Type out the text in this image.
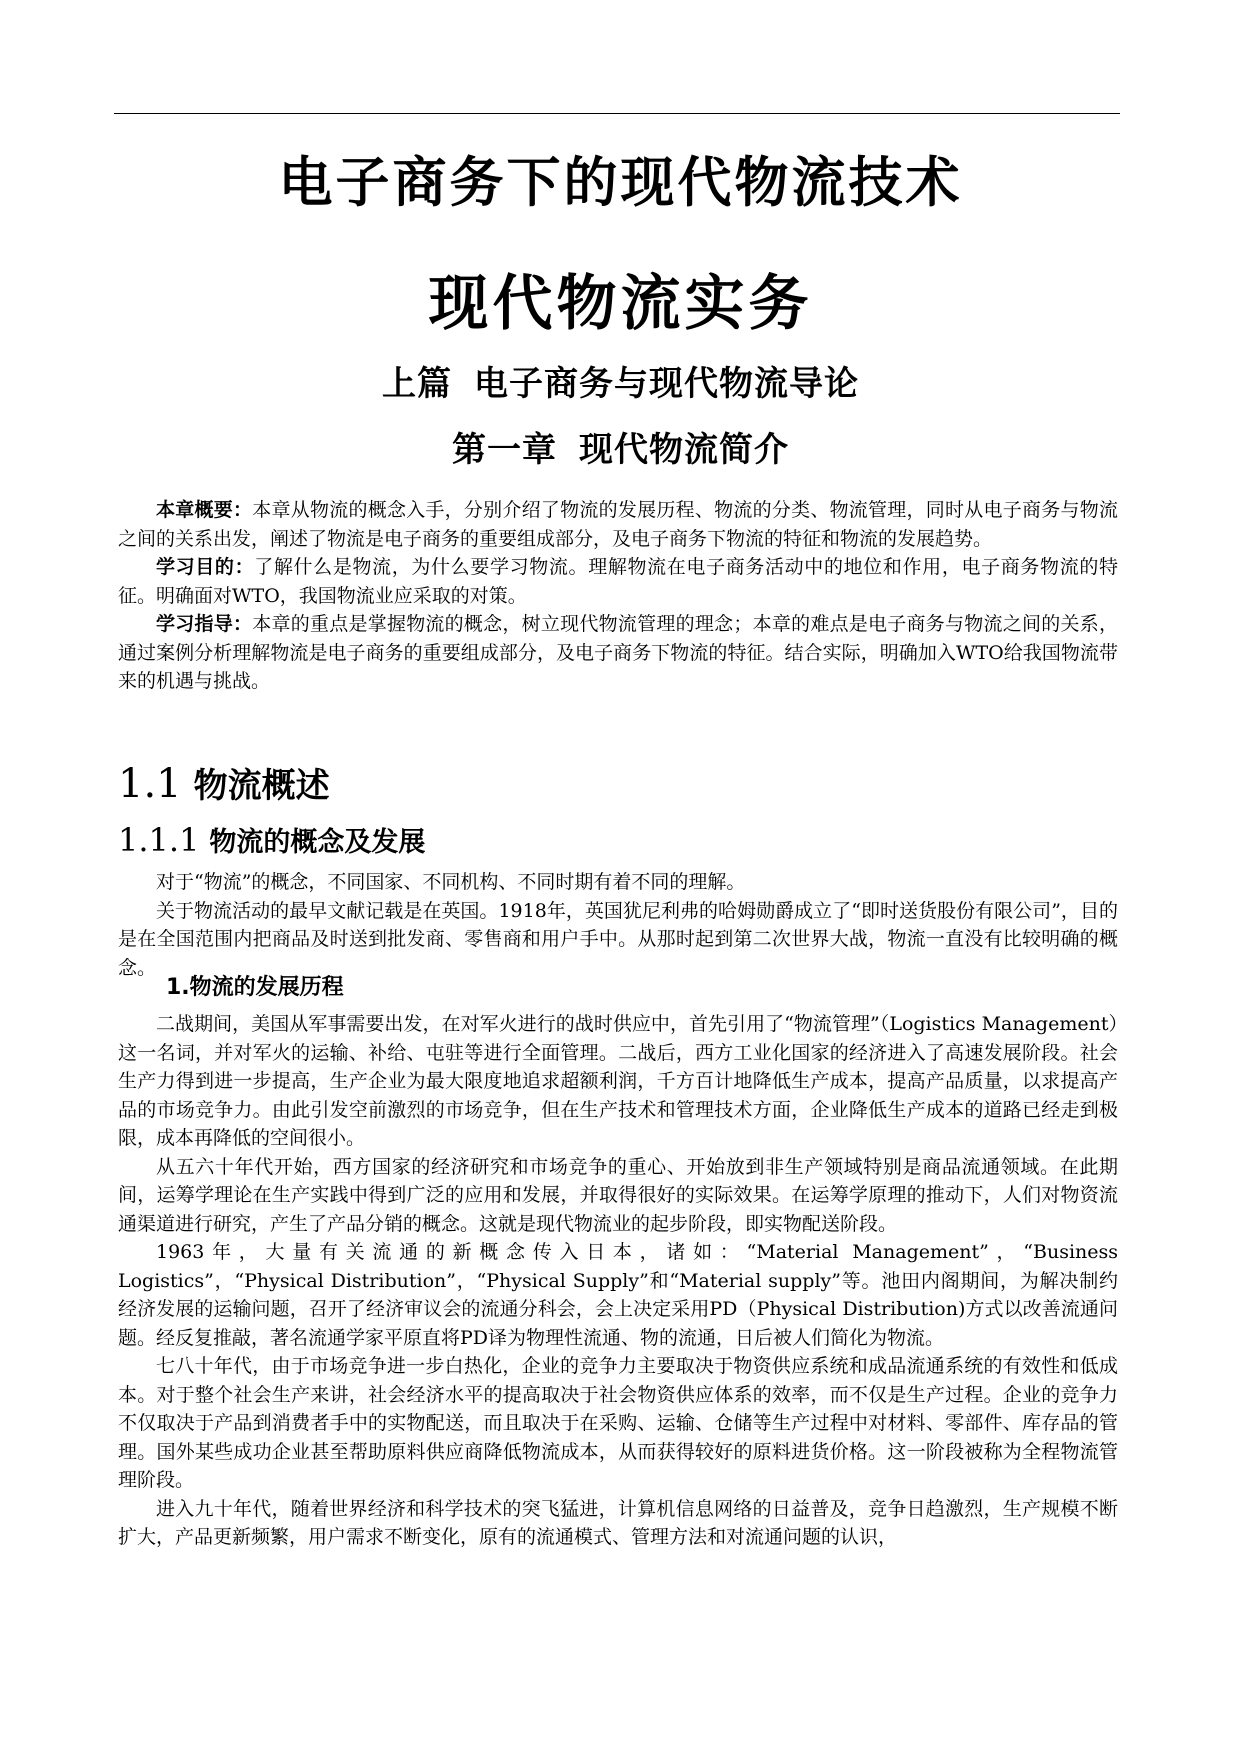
电子商务下的现代物流技术
现代物流实务
上篇 电子商务与现代物流导论
第一章 现代物流简介

本章概要：本章从物流的概念入手，分别介绍了物流的发展历程、物流的分类、物流管理，同时从电子商务与物流之间的关系出发，阐述了物流是电子商务的重要组成部分，及电子商务下物流的特征和物流的发展趋势。

学习目的：了解什么是物流，为什么要学习物流。理解物流在电子商务活动中的地位和作用，电子商务物流的特征。明确面对WTO，我国物流业应采取的对策。

学习指导：本章的重点是掌握物流的概念，树立现代物流管理的理念；本章的难点是电子商务与物流之间的关系，通过案例分析理解物流是电子商务的重要组成部分，及电子商务下物流的特征。结合实际，明确加入WTO给我国物流带来的机遇与挑战。

1.1 物流概述
1.1.1 物流的概念及发展

对于“物流”的概念，不同国家、不同机构、不同时期有着不同的理解。

关于物流活动的最早文献记载是在英国。1918年，英国犹尼利弗的哈姆勋爵成立了“即时送货股份有限公司”，目的是在全国范围内把商品及时送到批发商、零售商和用户手中。从那时起到第二次世界大战，物流一直没有比较明确的概念。

1.物流的发展历程

二战期间，美国从军事需要出发，在对军火进行的战时供应中，首先引用了“物流管理”（Logistics Management）这一名词，并对军火的运输、补给、屯驻等进行全面管理。二战后，西方工业化国家的经济进入了高速发展阶段。社会生产力得到进一步提高，生产企业为最大限度地追求超额利润，千方百计地降低生产成本，提高产品质量，以求提高产品的市场竞争力。由此引发空前激烈的市场竞争，但在生产技术和管理技术方面，企业降低生产成本的道路已经走到极限，成本再降低的空间很小。

从五六十年代开始，西方国家的经济研究和市场竞争的重心、开始放到非生产领域特别是商品流通领域。在此期间，运筹学理论在生产实践中得到广泛的应用和发展，并取得很好的实际效果。在运筹学原理的推动下，人们对物资流通渠道进行研究，产生了产品分销的概念。这就是现代物流业的起步阶段，即实物配送阶段。

1963年，大量有关流通的新概念传入日本，诸如：“Material Management”，“Business Logistics”，“Physical Distribution”，“Physical Supply”和“Material supply”等。池田内阁期间，为解决制约经济发展的运输问题，召开了经济审议会的流通分科会，会上决定采用PD（Physical Distribution)方式以改善流通问题。经反复推敲，著名流通学家平原直将PD译为物理性流通、物的流通，日后被人们简化为物流。

七八十年代，由于市场竞争进一步白热化，企业的竞争力主要取决于物资供应系统和成品流通系统的有效性和低成本。对于整个社会生产来讲，社会经济水平的提高取决于社会物资供应体系的效率，而不仅是生产过程。企业的竞争力不仅取决于产品到消费者手中的实物配送，而且取决于在采购、运输、仓储等生产过程中对材料、零部件、库存品的管理。国外某些成功企业甚至帮助原料供应商降低物流成本，从而获得较好的原料进货价格。这一阶段被称为全程物流管理阶段。

进入九十年代，随着世界经济和科学技术的突飞猛进，计算机信息网络的日益普及，竞争日趋激烈，生产规模不断扩大，产品更新频繁，用户需求不断变化，原有的流通模式、管理方法和对流通问题的认识，
